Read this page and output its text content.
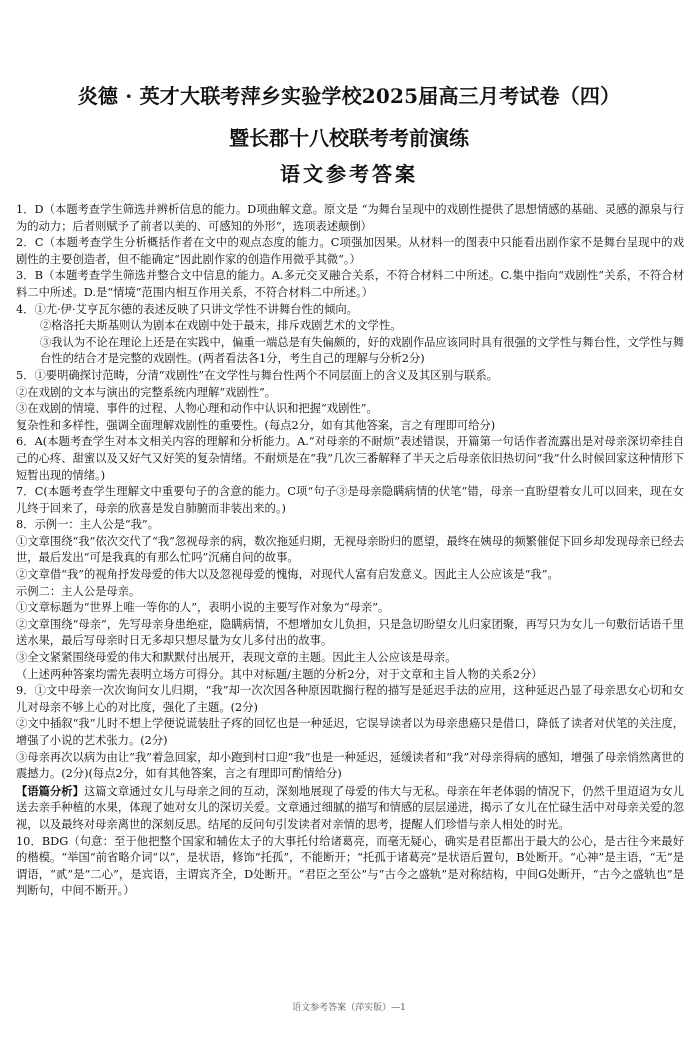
炎德 · 英才大联考萍乡实验学校2025届高三月考试卷（四）
暨长郡十八校联考考前演练
语文参考答案

1．D（本题考查学生筛选并辨析信息的能力。D项曲解文意。原文是 “为舞台呈现中的戏剧性提供了思想情感的基础、灵感的源泉与行为的动力；后者则赋予了前者以美的、可感知的外形”，选项表述颠倒）

2．C（本题考查学生分析概括作者在文中的观点态度的能力。C项强加因果。从材料一的图表中只能看出剧作家不是舞台呈现中的戏剧性的主要创造者，但不能确定“因此剧作家的创造作用微乎其微”。）

3．B（本题考查学生筛选并整合文中信息的能力。A.多元交叉融合关系，不符合材料二中所述。C.集中指向“戏剧性”关系，不符合材料二中所述。D.是“情境”范围内相互作用关系，不符合材料二中所述。）

4．①尤·伊·艾亨瓦尔德的表述反映了只讲文学性不讲舞台性的倾向。

②格洛托夫斯基则认为剧本在戏剧中处于最末，排斥戏剧艺术的文学性。

③我认为不论在理论上还是在实践中，偏重一端总是有失偏颇的，好的戏剧作品应该同时具有很强的文学性与舞台性，文学性与舞台性的结合才是完整的戏剧性。(两者看法各1分，考生自己的理解与分析2分)

5．①要明确探讨范畴，分清“戏剧性”在文学性与舞台性两个不同层面上的含义及其区别与联系。

②在戏剧的文本与演出的完整系统内理解“戏剧性”。

③在戏剧的情境、事件的过程、人物心理和动作中认识和把握“戏剧性”。

复杂性和多样性，强调全面理解戏剧性的重要性。(每点2分，如有其他答案，言之有理即可给分)

6．A(本题考查学生对本文相关内容的理解和分析能力。A.“对母亲的不耐烦”表述错误，开篇第一句话作者流露出是对母亲深切牵挂自己的心疼、甜蜜以及又好气又好笑的复杂情绪。不耐烦是在“我”几次三番解释了半天之后母亲依旧热切问“我”什么时候回家这种情形下短暂出现的情绪。)

7．C(本题考查学生理解文中重要句子的含意的能力。C项“句子③是母亲隐瞒病情的伏笔”错，母亲一直盼望着女儿可以回来，现在女儿终于回来了，母亲的欣喜是发自肺腑而非装出来的。)

8．示例一：主人公是“我”。

①文章围绕“我”依次交代了“我”忽视母亲的病，数次拖延归期，无视母亲盼归的愿望，最终在姨母的频繁催促下回乡却发现母亲已经去世，最后发出“可是我真的有那么忙吗”沉痛自问的故事。

②文章借“我”的视角抒发母爱的伟大以及忽视母爱的愧悔，对现代人富有启发意义。因此主人公应该是“我”。

示例二：主人公是母亲。

①文章标题为“世界上唯一等你的人”，表明小说的主要写作对象为“母亲”。

②文章围绕“母亲”，先写母亲身患绝症，隐瞒病情，不想增加女儿负担，只是急切盼望女儿归家团聚，再写只为女儿一句敷衍话语千里送水果，最后写母亲时日无多却只想尽量为女儿多付出的故事。

③全文紧紧围绕母爱的伟大和默默付出展开，表现文章的主题。因此主人公应该是母亲。

（上述两种答案均需先表明立场方可得分。其中对标题/主题的分析2分，对于文章和主旨人物的关系2分）

9．①文中母亲一次次询问女儿归期，“我”却一次次因各种原因耽搁行程的描写是延迟手法的应用，这种延迟凸显了母亲思女心切和女儿对母亲不够上心的对比度，强化了主题。(2分)

②文中插叙“我”儿时不想上学便说谎装肚子疼的回忆也是一种延迟，它误导读者以为母亲患癌只是借口，降低了读者对伏笔的关注度，增强了小说的艺术张力。(2分)

③母亲再次以病为由让“我”着急回家，却小跑到村口迎“我”也是一种延迟，延缓读者和“我”对母亲得病的感知，增强了母亲悄然离世的震撼力。(2分)(每点2分，如有其他答案，言之有理即可酌情给分)

【语篇分析】这篇文章通过女儿与母亲之间的互动，深刻地展现了母爱的伟大与无私。母亲在年老体弱的情况下，仍然千里迢迢为女儿送去亲手种植的水果，体现了她对女儿的深切关爱。文章通过细腻的描写和情感的层层递进，揭示了女儿在忙碌生活中对母亲关爱的忽视，以及最终对母亲离世的深刻反思。结尾的反问句引发读者对亲情的思考，提醒人们珍惜与亲人相处的时光。

10．BDG（句意：至于他把整个国家和辅佐太子的大事托付给诸葛亮，而毫无疑心，确实是君臣都出于最大的公心，是古往今来最好的楷模。“举国”前省略介词“以”，是状语，修饰“托孤”，不能断开；“托孤于诸葛亮”是状语后置句，B处断开。“心神”是主语，“无”是谓语，“贰”是“二心”，是宾语，主谓宾齐全，D处断开。“君臣之至公”与“古今之盛轨”是对称结构，中间G处断开，“古今之盛轨也”是判断句，中间不断开。）

语文参考答案（萍实版）—1
